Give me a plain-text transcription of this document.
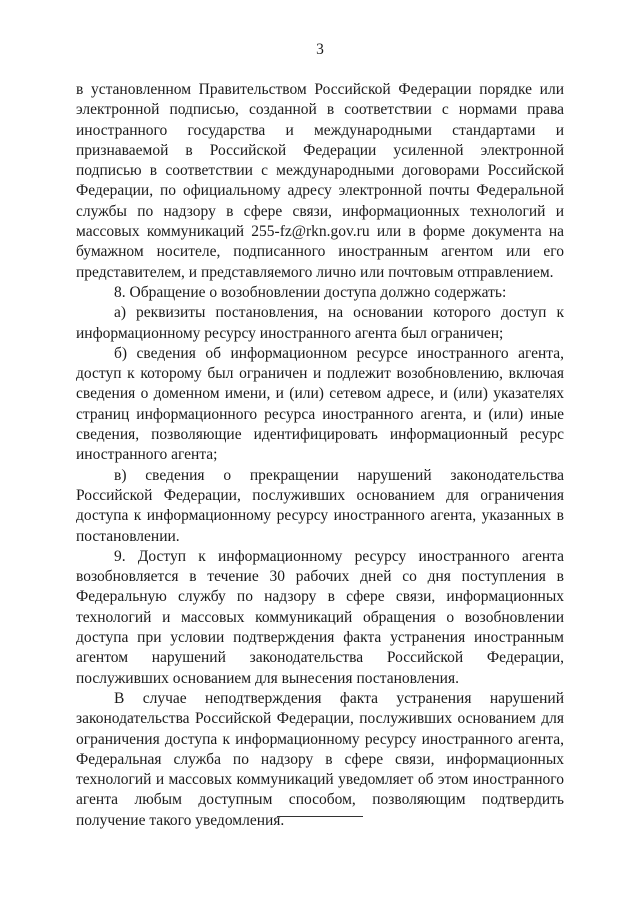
3

в установленном Правительством Российской Федерации порядке или электронной подписью, созданной в соответствии с нормами права иностранного государства и международными стандартами и признаваемой в Российской Федерации усиленной электронной подписью в соответствии с международными договорами Российской Федерации, по официальному адресу электронной почты Федеральной службы по надзору в сфере связи, информационных технологий и массовых коммуникаций 255-fz@rkn.gov.ru или в форме документа на бумажном носителе, подписанного иностранным агентом или его представителем, и представляемого лично или почтовым отправлением.

8. Обращение о возобновлении доступа должно содержать:

а) реквизиты постановления, на основании которого доступ к информационному ресурсу иностранного агента был ограничен;

б) сведения об информационном ресурсе иностранного агента, доступ к которому был ограничен и подлежит возобновлению, включая сведения о доменном имени, и (или) сетевом адресе, и (или) указателях страниц информационного ресурса иностранного агента, и (или) иные сведения, позволяющие идентифицировать информационный ресурс иностранного агента;

в) сведения о прекращении нарушений законодательства Российской Федерации, послуживших основанием для ограничения доступа к информационному ресурсу иностранного агента, указанных в постановлении.

9. Доступ к информационному ресурсу иностранного агента возобновляется в течение 30 рабочих дней со дня поступления в Федеральную службу по надзору в сфере связи, информационных технологий и массовых коммуникаций обращения о возобновлении доступа при условии подтверждения факта устранения иностранным агентом нарушений законодательства Российской Федерации, послуживших основанием для вынесения постановления.

В случае неподтверждения факта устранения нарушений законодательства Российской Федерации, послуживших основанием для ограничения доступа к информационному ресурсу иностранного агента, Федеральная служба по надзору в сфере связи, информационных технологий и массовых коммуникаций уведомляет об этом иностранного агента любым доступным способом, позволяющим подтвердить получение такого уведомления.
